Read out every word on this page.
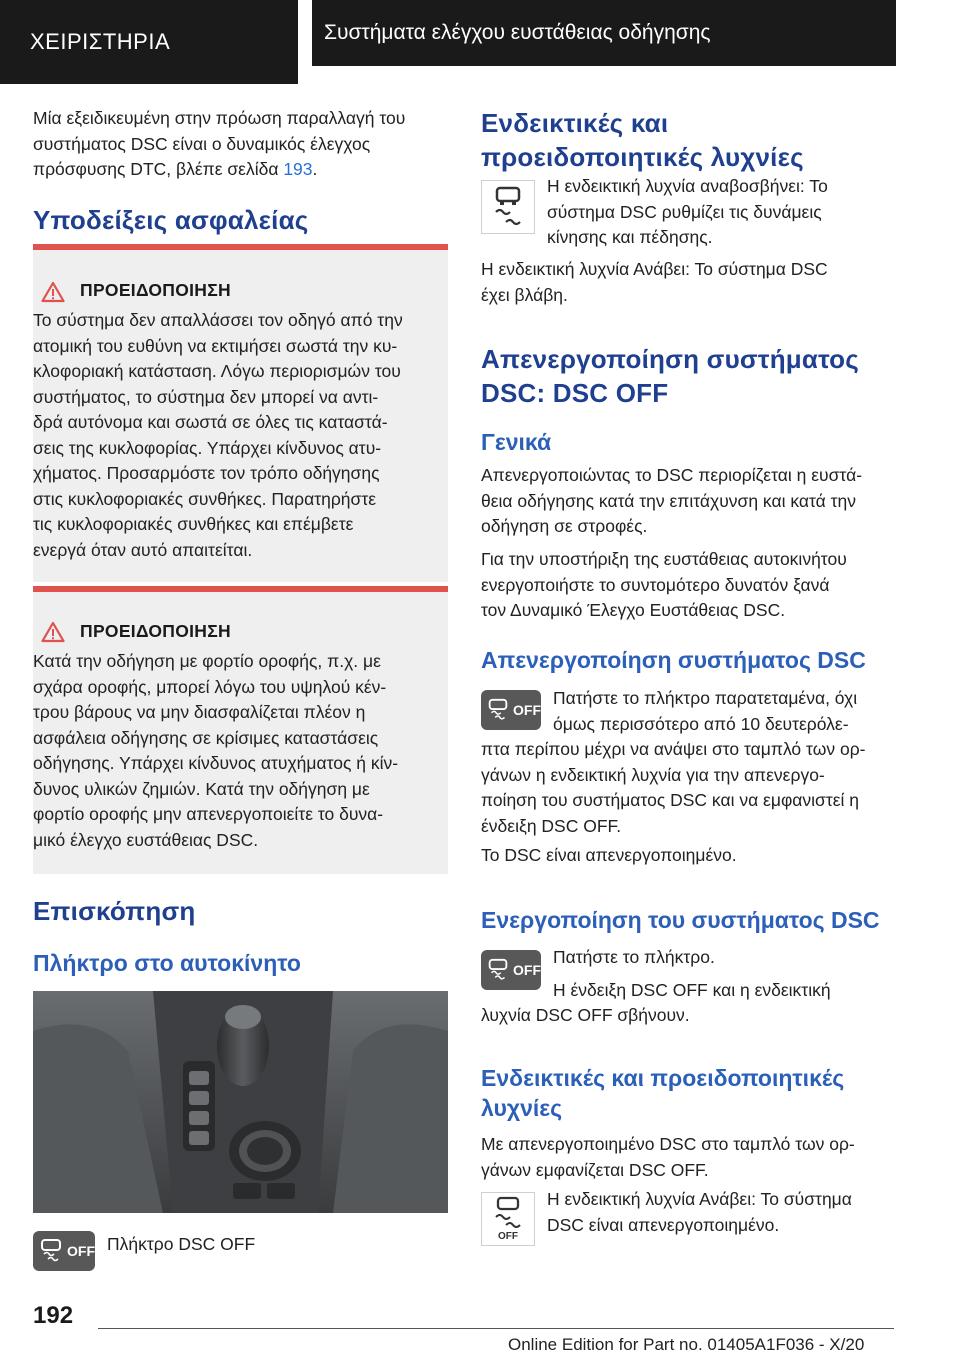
ΧΕΙΡΙΣΤΗΡΙΑ	Συστήματα ελέγχου ευστάθειας οδήγησης
Μία εξειδικευμένη στην πρόωση παραλλαγή του
συστήματος DSC είναι ο δυναμικός έλεγχος
πρόσφυσης DTC, βλέπε σελίδα 193.
Υποδείξεις ασφαλείας
ΠΡΟΕΙΔΟΠΟΙΗΣΗ
Το σύστημα δεν απαλλάσσει τον οδηγό από την
ατομική του ευθύνη να εκτιμήσει σωστά την κυ-
κλοφοριακή κατάσταση. Λόγω περιορισμών του
συστήματος, το σύστημα δεν μπορεί να αντι-
δρά αυτόνομα και σωστά σε όλες τις καταστά-
σεις της κυκλοφορίας. Υπάρχει κίνδυνος ατυ-
χήματος. Προσαρμόστε τον τρόπο οδήγησης
στις κυκλοφοριακές συνθήκες. Παρατηρήστε
τις κυκλοφοριακές συνθήκες και επέμβετε
ενεργά όταν αυτό απαιτείται.
ΠΡΟΕΙΔΟΠΟΙΗΣΗ
Κατά την οδήγηση με φορτίο οροφής, π.χ. με
σχάρα οροφής, μπορεί λόγω του υψηλού κέν-
τρου βάρους να μην διασφαλίζεται πλέον η
ασφάλεια οδήγησης σε κρίσιμες καταστάσεις
οδήγησης. Υπάρχει κίνδυνος ατυχήματος ή κίν-
δυνος υλικών ζημιών. Κατά την οδήγηση με
φορτίο οροφής μην απενεργοποιείτε το δυνα-
μικό έλεγχο ευστάθειας DSC.
Επισκόπηση
Πλήκτρο στο αυτοκίνητο
OFF Πλήκτρο DSC OFF
Ενδεικτικές και
προειδοποιητικές λυχνίες
Η ενδεικτική λυχνία αναβοσβήνει: Το
σύστημα DSC ρυθμίζει τις δυνάμεις
κίνησης και πέδησης.
Η ενδεικτική λυχνία Ανάβει: Το σύστημα DSC
έχει βλάβη.
Απενεργοποίηση συστήματος
DSC: DSC OFF
Γενικά
Απενεργοποιώντας το DSC περιορίζεται η ευστά-
θεια οδήγησης κατά την επιτάχυνση και κατά την
οδήγηση σε στροφές.
Για την υποστήριξη της ευστάθειας αυτοκινήτου
ενεργοποιήστε το συντομότερο δυνατόν ξανά
τον Δυναμικό Έλεγχο Ευστάθειας DSC.
Απενεργοποίηση συστήματος DSC
OFF
Πατήστε το πλήκτρο παρατεταμένα, όχι
όμως περισσότερο από 10 δευτερόλε-
πτα περίπου μέχρι να ανάψει στο ταμπλό των ορ-
γάνων η ενδεικτική λυχνία για την απενεργο-
ποίηση του συστήματος DSC και να εμφανιστεί η
ένδειξη DSC OFF.
Το DSC είναι απενεργοποιημένο.
Ενεργοποίηση του συστήματος DSC
OFF
Πατήστε το πλήκτρο.
Η ένδειξη DSC OFF και η ενδεικτική
λυχνία DSC OFF σβήνουν.
Ενδεικτικές και προειδοποιητικές
λυχνίες
Με απενεργοποιημένο DSC στο ταμπλό των ορ-
γάνων εμφανίζεται DSC OFF.
OFF
Η ενδεικτική λυχνία Ανάβει: Το σύστημα
DSC είναι απενεργοποιημένο.
192
Online Edition for Part no. 01405A1F036 - X/20
